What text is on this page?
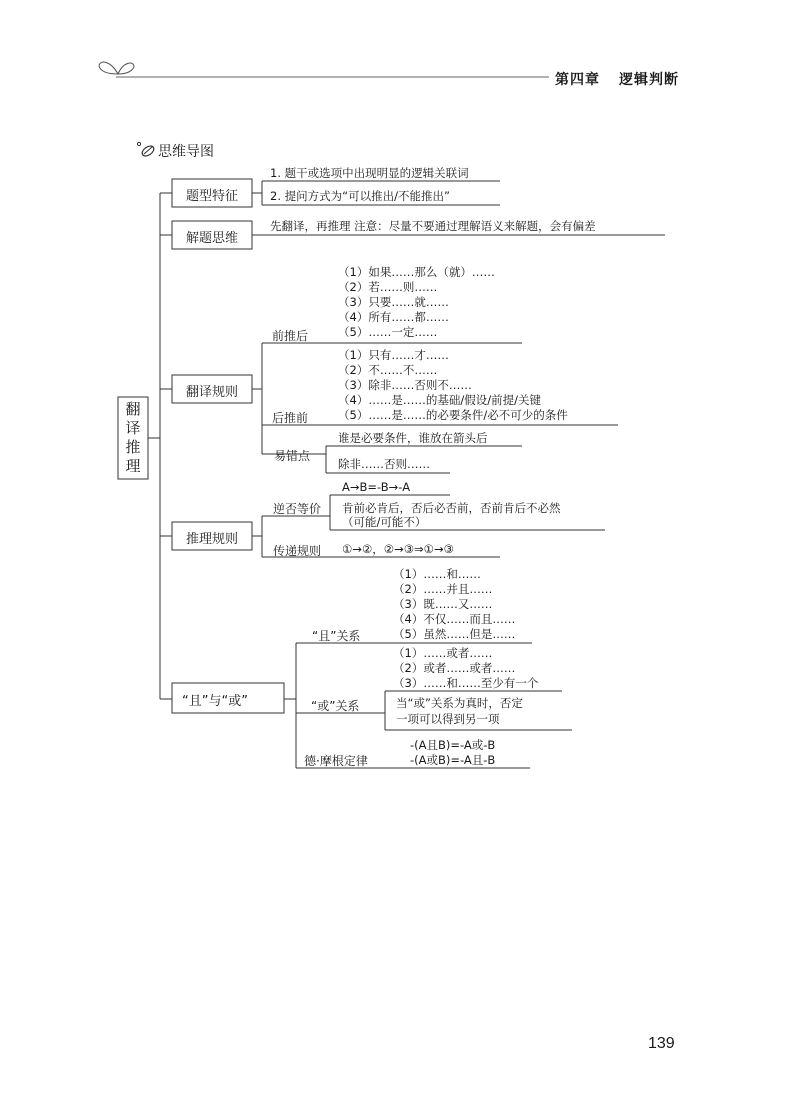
第四章 逻辑判断
思维导图
翻译推理
题型特征
解题思维
翻译规则
推理规则
“且”与“或”
1. 题干或选项中出现明显的逻辑关联词
2. 提问方式为“可以推出/不能推出”
先翻译，再推理 注意：尽量不要通过理解语义来解题，会有偏差
（1）如果……那么（就）……
（2）若……则……
（3）只要……就……
（4）所有……都……
（5）……一定……
前推后
（1）只有……才……
（2）不……不……
（3）除非……否则不……
（4）……是……的基础/假设/前提/关键
（5）……是……的必要条件/必不可少的条件
后推前
易错点
谁是必要条件，谁放在箭头后
除非……否则……
逆否等价
A→B=-B→-A
肯前必肯后，否后必否前，否前肯后不必然
（可能/可能不）
传递规则 ①→②，②→③⇒①→③
（1）……和……
（2）……并且……
（3）既……又……
（4）不仅……而且……
（5）虽然……但是……
“且”关系
（1）……或者……
（2）或者……或者……
（3）……和……至少有一个
“或”关系	当“或”关系为真时，否定
一项可以得到另一项
德·摩根定律
-(A且B)=-A或-B
-(A或B)=-A且-B
139
